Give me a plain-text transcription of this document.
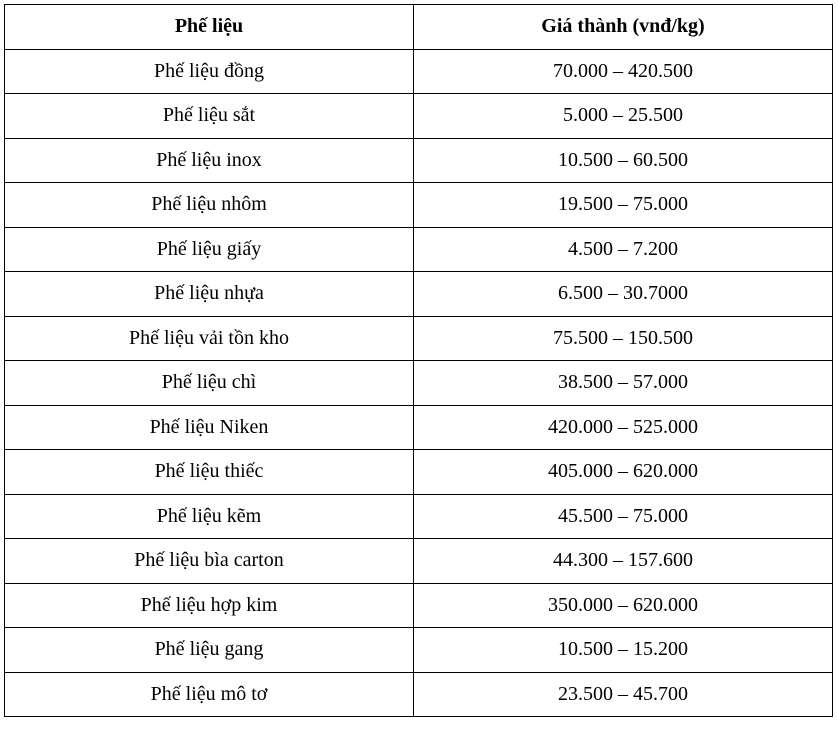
Phế liệu	Giá thành (vnđ/kg)
Phế liệu đồng	70.000 – 420.500
Phế liệu sắt	5.000 – 25.500
Phế liệu inox	10.500 – 60.500
Phế liệu nhôm	19.500 – 75.000
Phế liệu giấy	4.500 – 7.200
Phế liệu nhựa	6.500 – 30.7000
Phế liệu vải tồn kho	75.500 – 150.500
Phế liệu chì	38.500 – 57.000
Phế liệu Niken	420.000 – 525.000
Phế liệu thiếc	405.000 – 620.000
Phế liệu kẽm	45.500 – 75.000
Phế liệu bìa carton	44.300 – 157.600
Phế liệu hợp kim	350.000 – 620.000
Phế liệu gang	10.500 – 15.200
Phế liệu mô tơ	23.500 – 45.700
